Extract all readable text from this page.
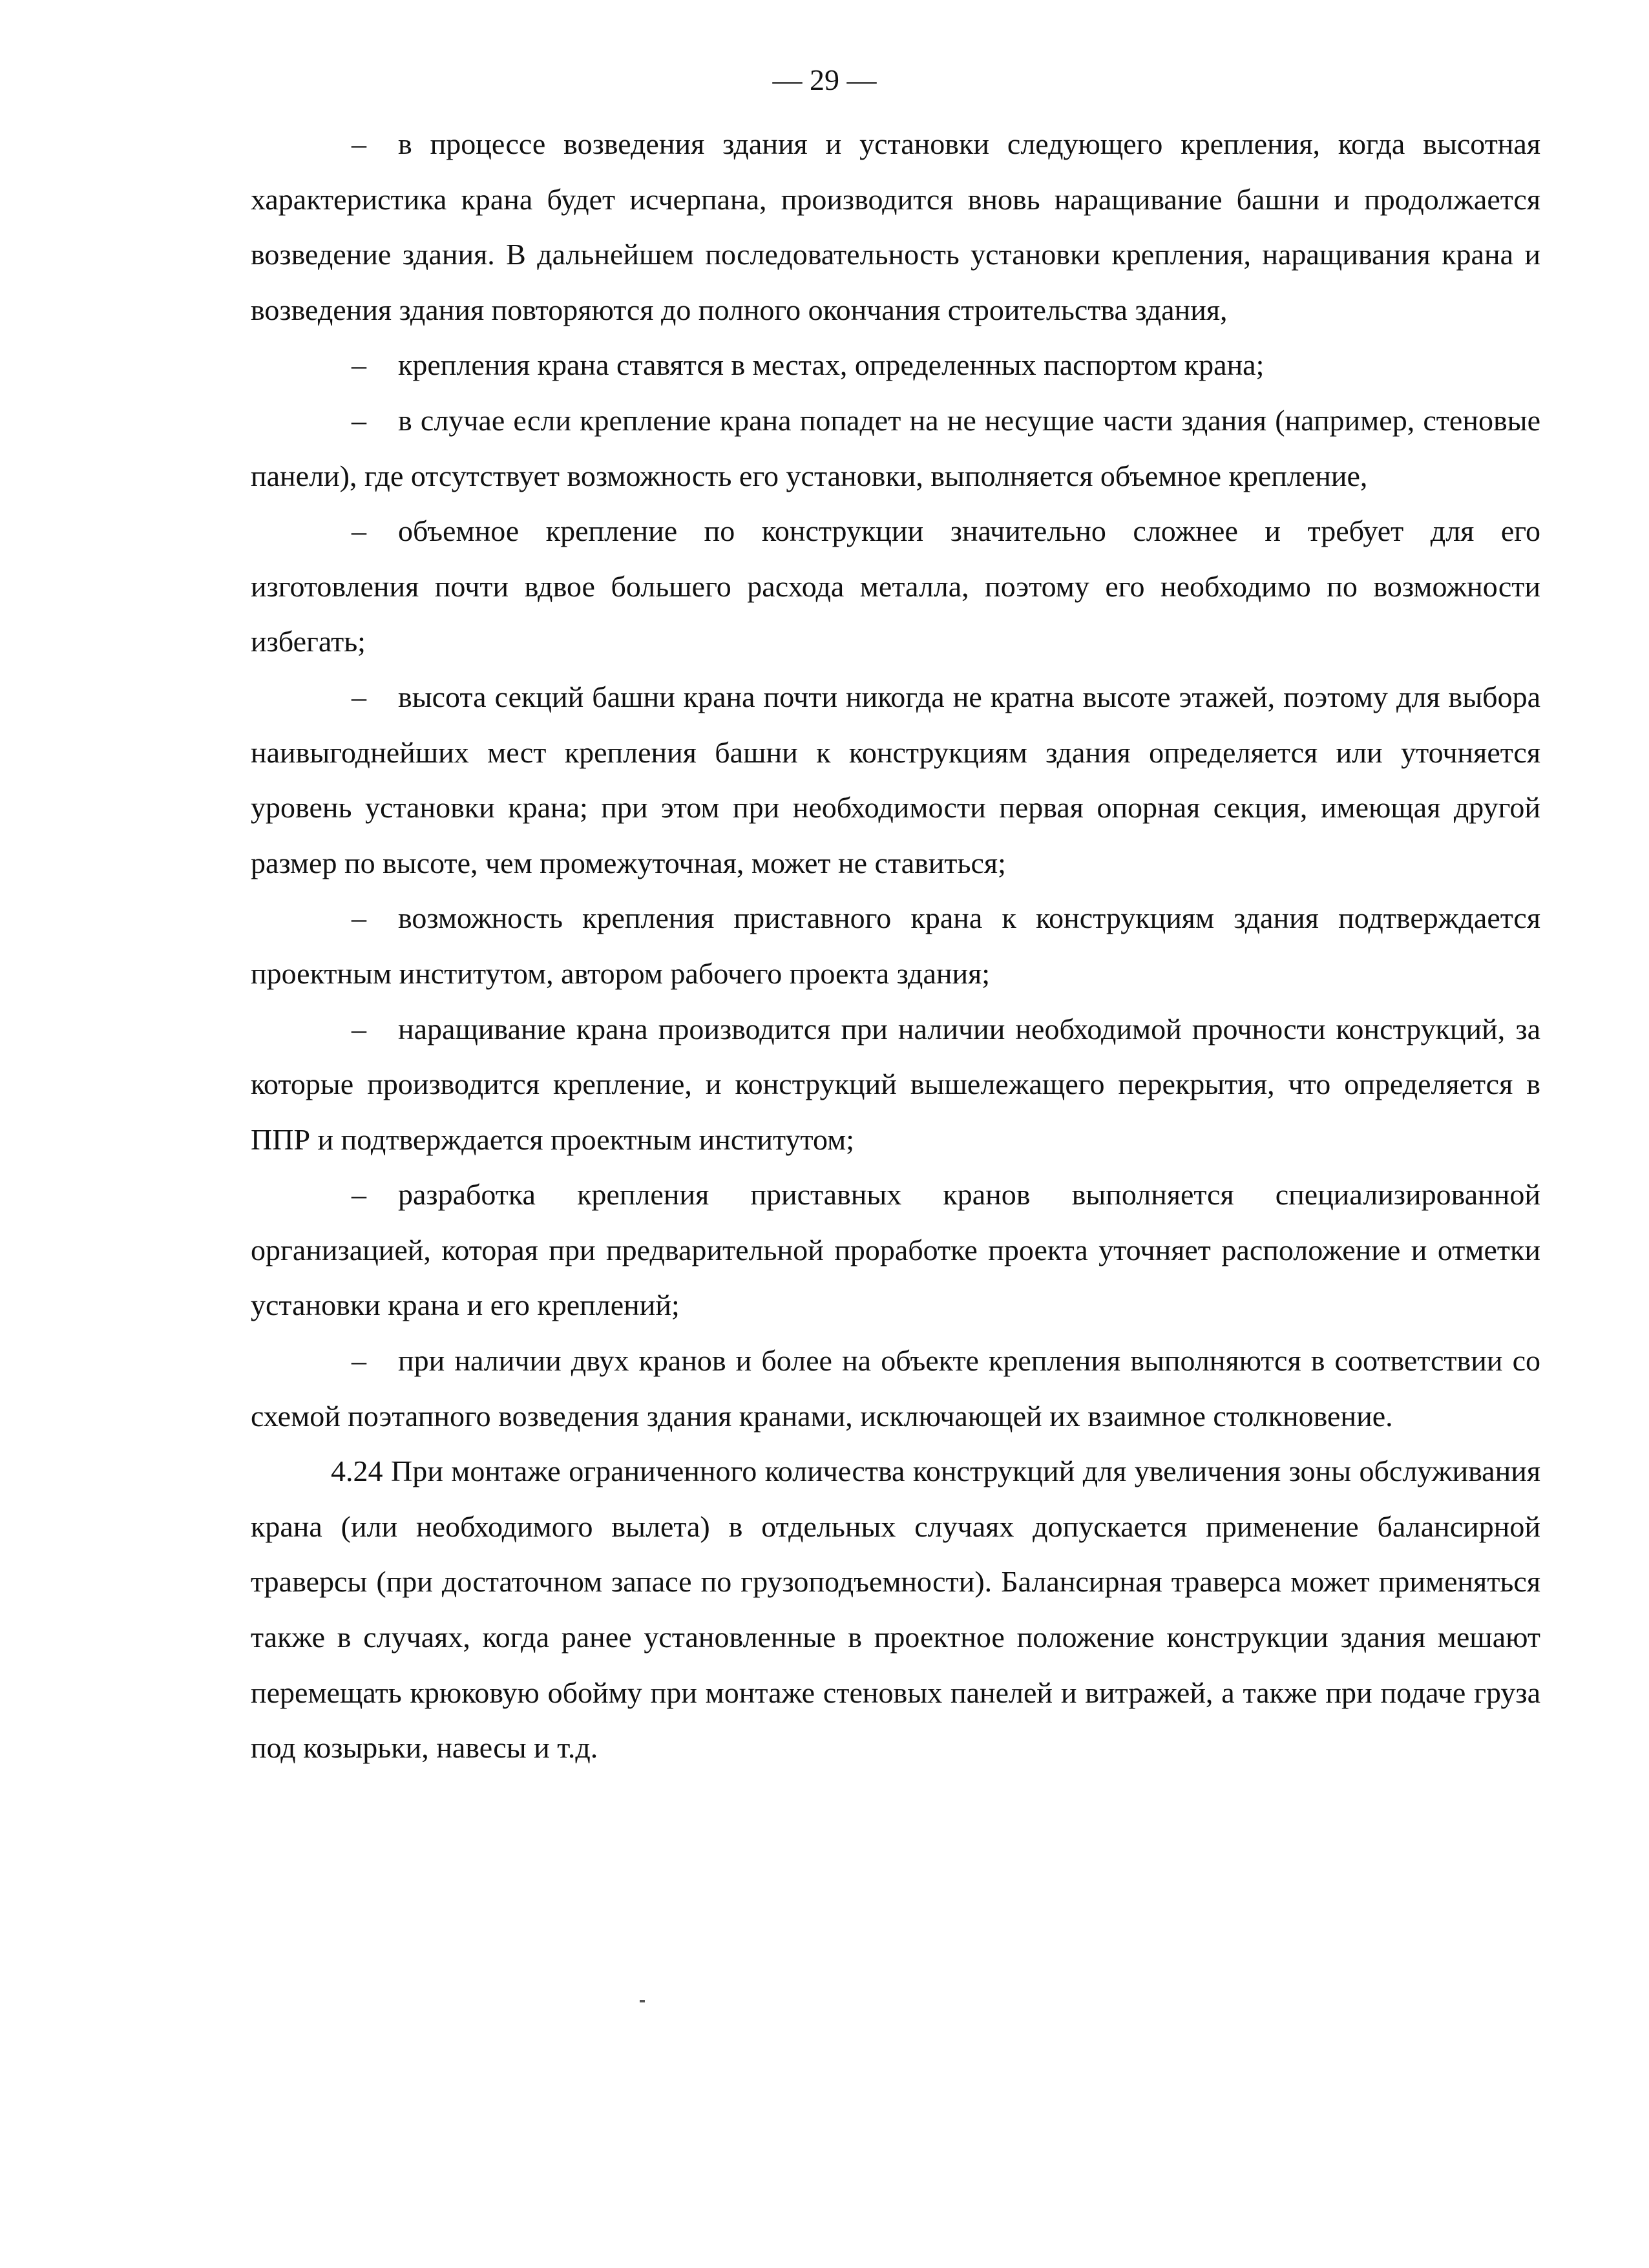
— 29 —

– в процессе возведения здания и установки следующего крепления, когда высотная характеристика крана будет исчерпана, производится вновь наращивание башни и продолжается возведение здания. В дальнейшем последовательность установки крепления, наращивания крана и возведения здания повторяются до полного окончания строительства здания,

– крепления крана ставятся в местах, определенных паспортом крана;

– в случае если крепление крана попадет на не несущие части здания (например, стеновые панели), где отсутствует возможность его установки, выполняется объемное крепление,

– объемное крепление по конструкции значительно сложнее и требует для его изготовления почти вдвое большего расхода металла, поэтому его необходимо по возможности избегать;

– высота секций башни крана почти никогда не кратна высоте этажей, поэтому для выбора наивыгоднейших мест крепления башни к конструкциям здания определяется или уточняется уровень установки крана; при этом при необходимости первая опорная секция, имеющая другой размер по высоте, чем промежуточная, может не ставиться;

– возможность крепления приставного крана к конструкциям здания подтверждается проектным институтом, автором рабочего проекта здания;

– наращивание крана производится при наличии необходимой прочности конструкций, за которые производится крепление, и конструкций вышележащего перекрытия, что определяется в ППР и подтверждается проектным институтом;

– разработка крепления приставных кранов выполняется специализированной организацией, которая при предварительной проработке проекта уточняет расположение и отметки установки крана и его креплений;

– при наличии двух кранов и более на объекте крепления выполняются в соответствии со схемой поэтапного возведения здания кранами, исключающей их взаимное столкновение.

4.24 При монтаже ограниченного количества конструкций для увеличения зоны обслуживания крана (или необходимого вылета) в отдельных случаях допускается применение балансирной траверсы (при достаточном запасе по грузоподъемности). Балансирная траверса может применяться также в случаях, когда ранее установленные в проектное положение конструкции здания мешают перемещать крюковую обойму при монтаже стеновых панелей и витражей, а также при подаче груза под козырьки, навесы и т.д.
